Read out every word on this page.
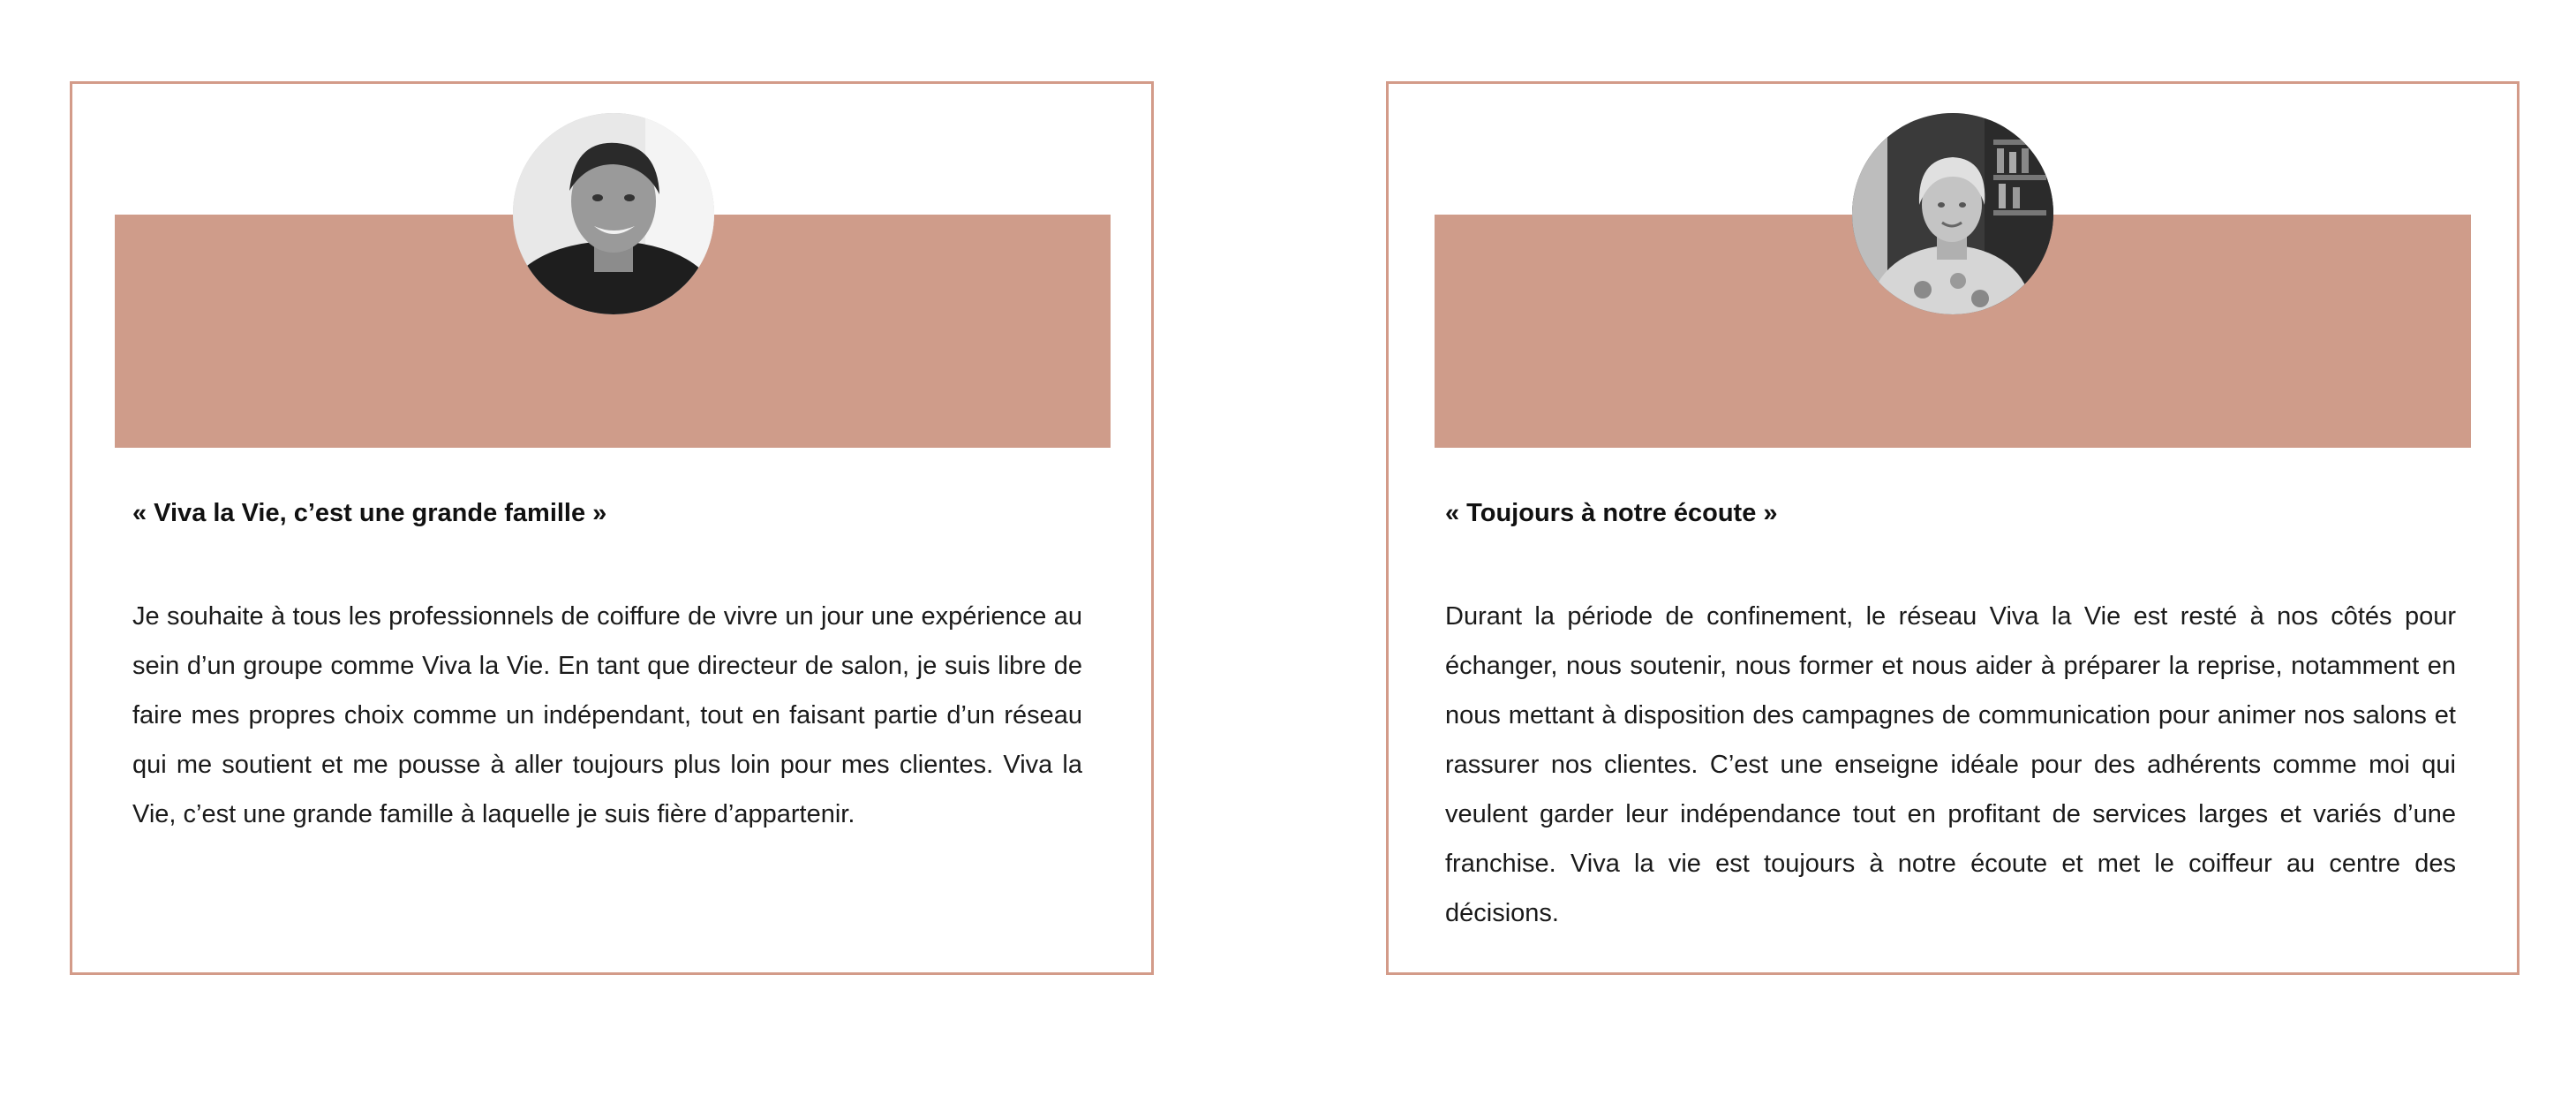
Laurent
salon Viva la Vie - Cognac
« Viva la Vie, c’est une grande famille »

Je souhaite à tous les professionnels de coiffure de vivre un jour une expérience au sein d’un groupe comme Viva la Vie. En tant que directeur de salon, je suis libre de faire mes propres choix comme un indépendant, tout en faisant partie d’un réseau qui me soutient et me pousse à aller toujours plus loin pour mes clientes. Viva la Vie, c’est une grande famille à laquelle je suis fière d’appartenir.

Laure
salon Viva la Vie - Tonnay Charente
« Toujours à notre écoute »

Durant la période de confinement, le réseau Viva la Vie est resté à nos côtés pour échanger, nous soutenir, nous former et nous aider à préparer la reprise, notamment en nous mettant à disposition des campagnes de communication pour animer nos salons et rassurer nos clientes. C’est une enseigne idéale pour des adhérents comme moi qui veulent garder leur indépendance tout en profitant de services larges et variés d’une franchise. Viva la vie est toujours à notre écoute et met le coiffeur au centre des décisions.
